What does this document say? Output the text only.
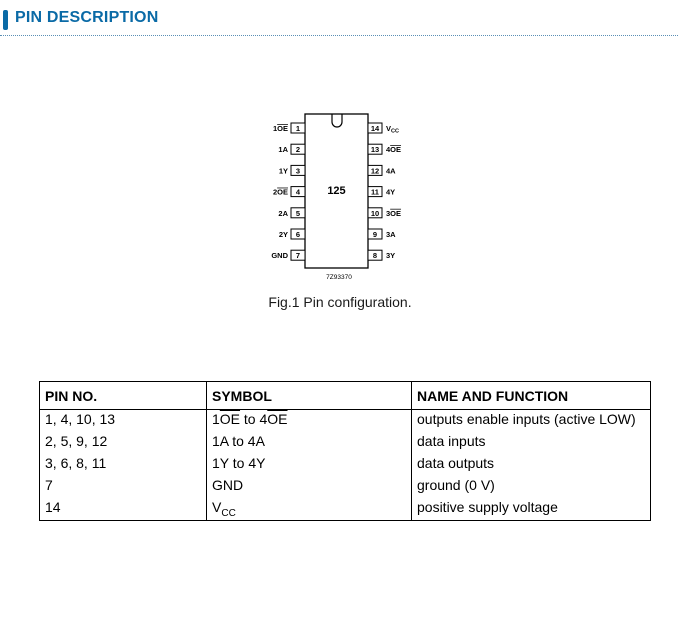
PIN DESCRIPTION
125
7Z93370
1
1OE
2
1A
3
1Y
4
2OE
5
2A
6
2Y
7
GND
14 $V_{CC}$
13 4OE
12 4A
11 4Y
10 3OE
9 3A
8 3Y
Fig.1 Pin configuration.
PIN NO.	SYMBOL	NAME AND FUNCTION
1, 4, 10, 13	$1\overline{OE}$ to $4\overline{OE}$	outputs enable inputs (active LOW)
2, 5, 9, 12	1A to 4A	data inputs
3, 6, 8, 11	1Y to 4Y	data outputs
7	GND	ground (0 V)
14	$V_{CC}$	positive supply voltage
